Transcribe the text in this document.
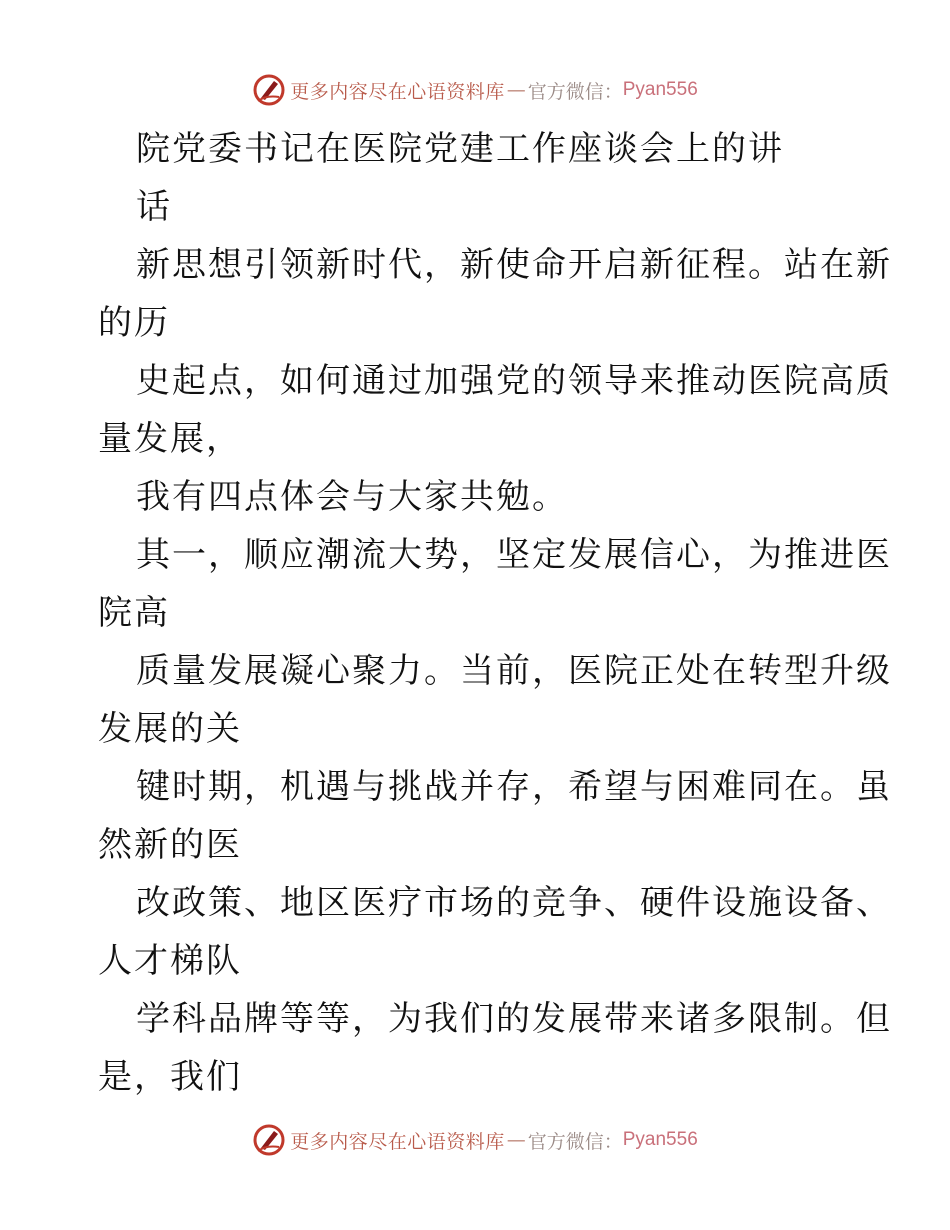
更多内容尽在心语资料库 — 官方微信： Pyan556
院党委书记在医院党建工作座谈会上的讲
话
新思想引领新时代，新使命开启新征程。站在新
的历
史起点，如何通过加强党的领导来推动医院高质
量发展，
我有四点体会与大家共勉。
其一，顺应潮流大势，坚定发展信心，为推进医
院高
质量发展凝心聚力。当前，医院正处在转型升级
发展的关
键时期，机遇与挑战并存，希望与困难同在。虽
然新的医
改政策、地区医疗市场的竞争、硬件设施设备、
人才梯队
学科品牌等等，为我们的发展带来诸多限制。但
是，我们
更多内容尽在心语资料库 — 官方微信： Pyan556
